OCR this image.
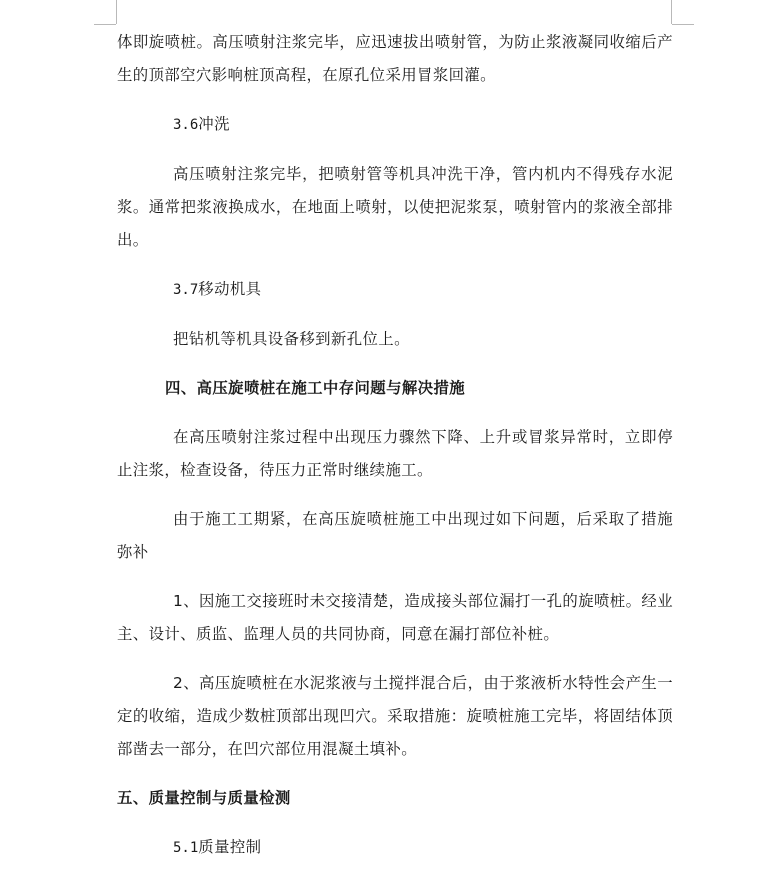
体即旋喷桩。高压喷射注浆完毕，应迅速拔出喷射管，为防止浆液凝同收缩后产生的顶部空穴影响桩顶高程，在原孔位采用冒浆回灌。

3.6冲洗

高压喷射注浆完毕，把喷射管等机具冲洗干净，管内机内不得残存水泥浆。通常把浆液换成水，在地面上喷射，以使把泥浆泵，喷射管内的浆液全部排出。

3.7移动机具

把钻机等机具设备移到新孔位上。

四、高压旋喷桩在施工中存问题与解决措施

在高压喷射注浆过程中出现压力骤然下降、上升或冒浆异常时，立即停止注浆，检查设备，待压力正常时继续施工。

由于施工工期紧，在高压旋喷桩施工中出现过如下问题，后采取了措施弥补

1、因施工交接班时未交接清楚，造成接头部位漏打一孔的旋喷桩。经业主、设计、质监、监理人员的共同协商，同意在漏打部位补桩。

2、高压旋喷桩在水泥浆液与土搅拌混合后，由于浆液析水特性会产生一定的收缩，造成少数桩顶部出现凹穴。采取措施：旋喷桩施工完毕，将固结体顶部凿去一部分，在凹穴部位用混凝土填补。

五、质量控制与质量检测

5.1质量控制
